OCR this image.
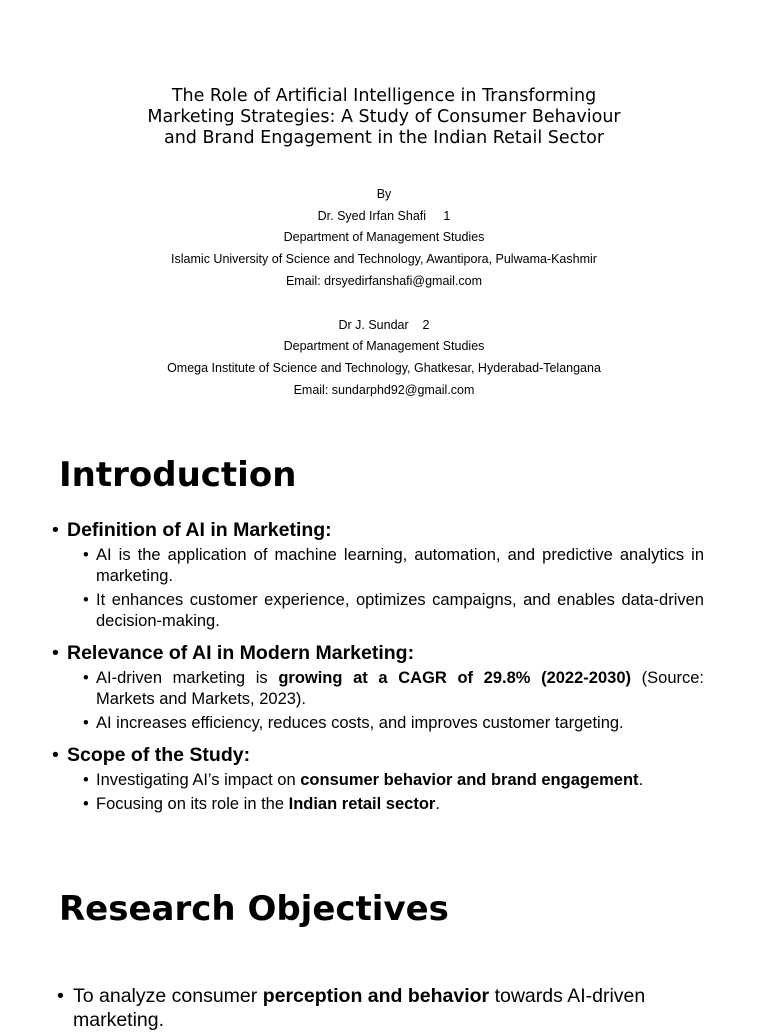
The Role of Artificial Intelligence in Transforming
Marketing Strategies: A Study of Consumer Behaviour
and Brand Engagement in the Indian Retail Sector
By
Dr. Syed Irfan Shafi     1
Department of Management Studies
Islamic University of Science and Technology, Awantipora, Pulwama-Kashmir
Email: drsyedirfanshafi@gmail.com
Dr J. Sundar    2
Department of Management Studies
Omega Institute of Science and Technology, Ghatkesar, Hyderabad-Telangana
Email: sundarphd92@gmail.com
Introduction
• Definition of AI in Marketing:
• AI is the application of machine learning, automation, and predictive analytics in marketing.
• It enhances customer experience, optimizes campaigns, and enables data-driven decision-making.
• Relevance of AI in Modern Marketing:
• AI-driven marketing is growing at a CAGR of 29.8% (2022-2030) (Source: Markets and Markets, 2023).
• AI increases efficiency, reduces costs, and improves customer targeting.
• Scope of the Study:
• Investigating AI’s impact on consumer behavior and brand engagement.
• Focusing on its role in the Indian retail sector.
Research Objectives
• To analyze consumer perception and behavior towards AI-driven marketing.
